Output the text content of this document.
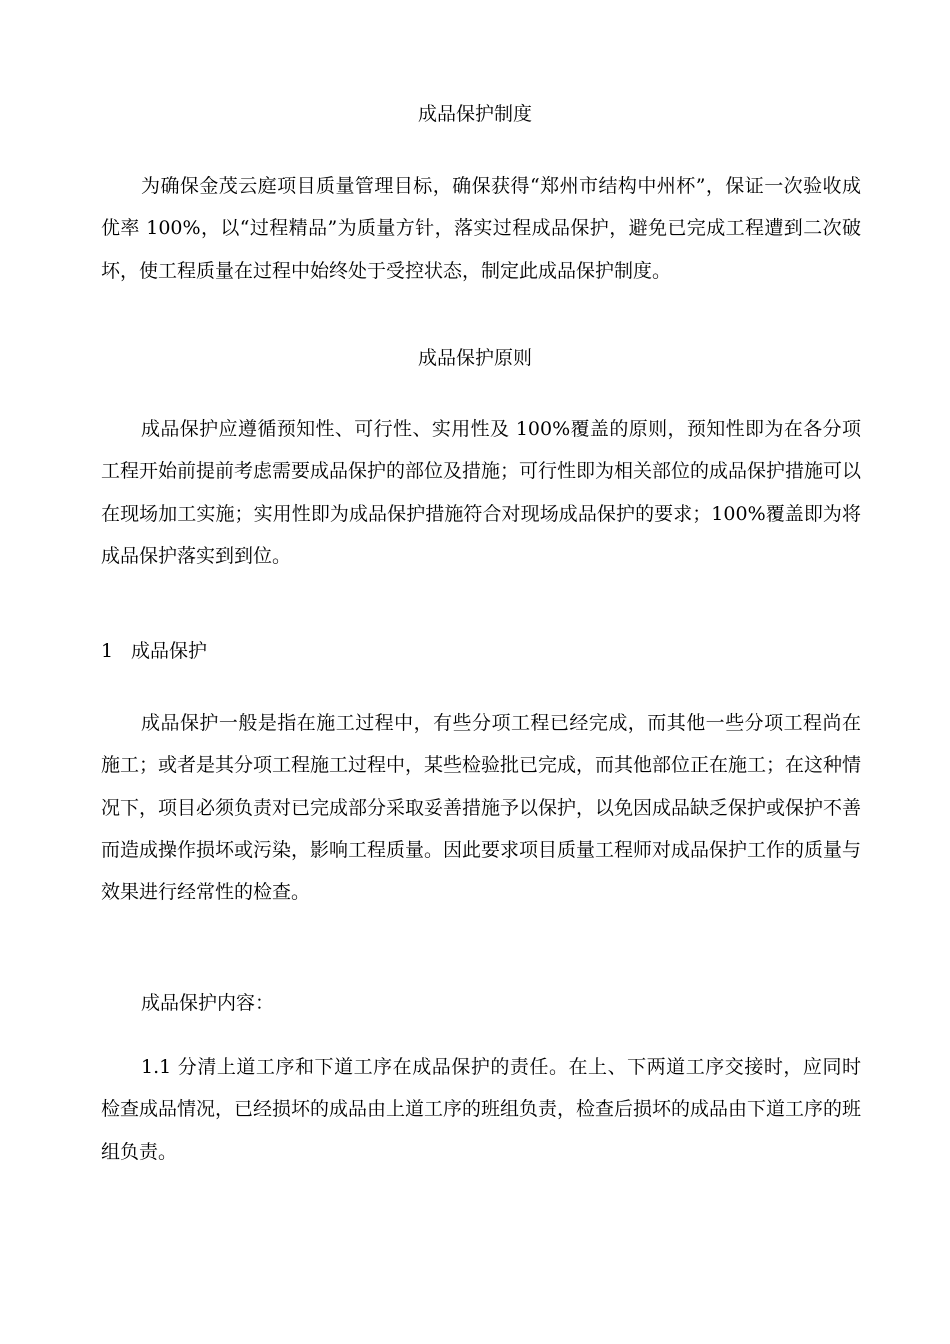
成品保护制度

为确保金茂云庭项目质量管理目标，确保获得“郑州市结构中州杯”，保证一次验收成优率 100%，以“过程精品”为质量方针，落实过程成品保护，避免已完成工程遭到二次破坏，使工程质量在过程中始终处于受控状态，制定此成品保护制度。

成品保护原则

成品保护应遵循预知性、可行性、实用性及 100%覆盖的原则，预知性即为在各分项工程开始前提前考虑需要成品保护的部位及措施；可行性即为相关部位的成品保护措施可以在现场加工实施；实用性即为成品保护措施符合对现场成品保护的要求；100%覆盖即为将成品保护落实到到位。

1 成品保护

成品保护一般是指在施工过程中，有些分项工程已经完成，而其他一些分项工程尚在施工；或者是其分项工程施工过程中，某些检验批已完成，而其他部位正在施工；在这种情况下，项目必须负责对已完成部分采取妥善措施予以保护，以免因成品缺乏保护或保护不善而造成操作损坏或污染，影响工程质量。因此要求项目质量工程师对成品保护工作的质量与效果进行经常性的检查。

成品保护内容：

1.1 分清上道工序和下道工序在成品保护的责任。在上、下两道工序交接时，应同时检查成品情况，已经损坏的成品由上道工序的班组负责，检查后损坏的成品由下道工序的班组负责。
